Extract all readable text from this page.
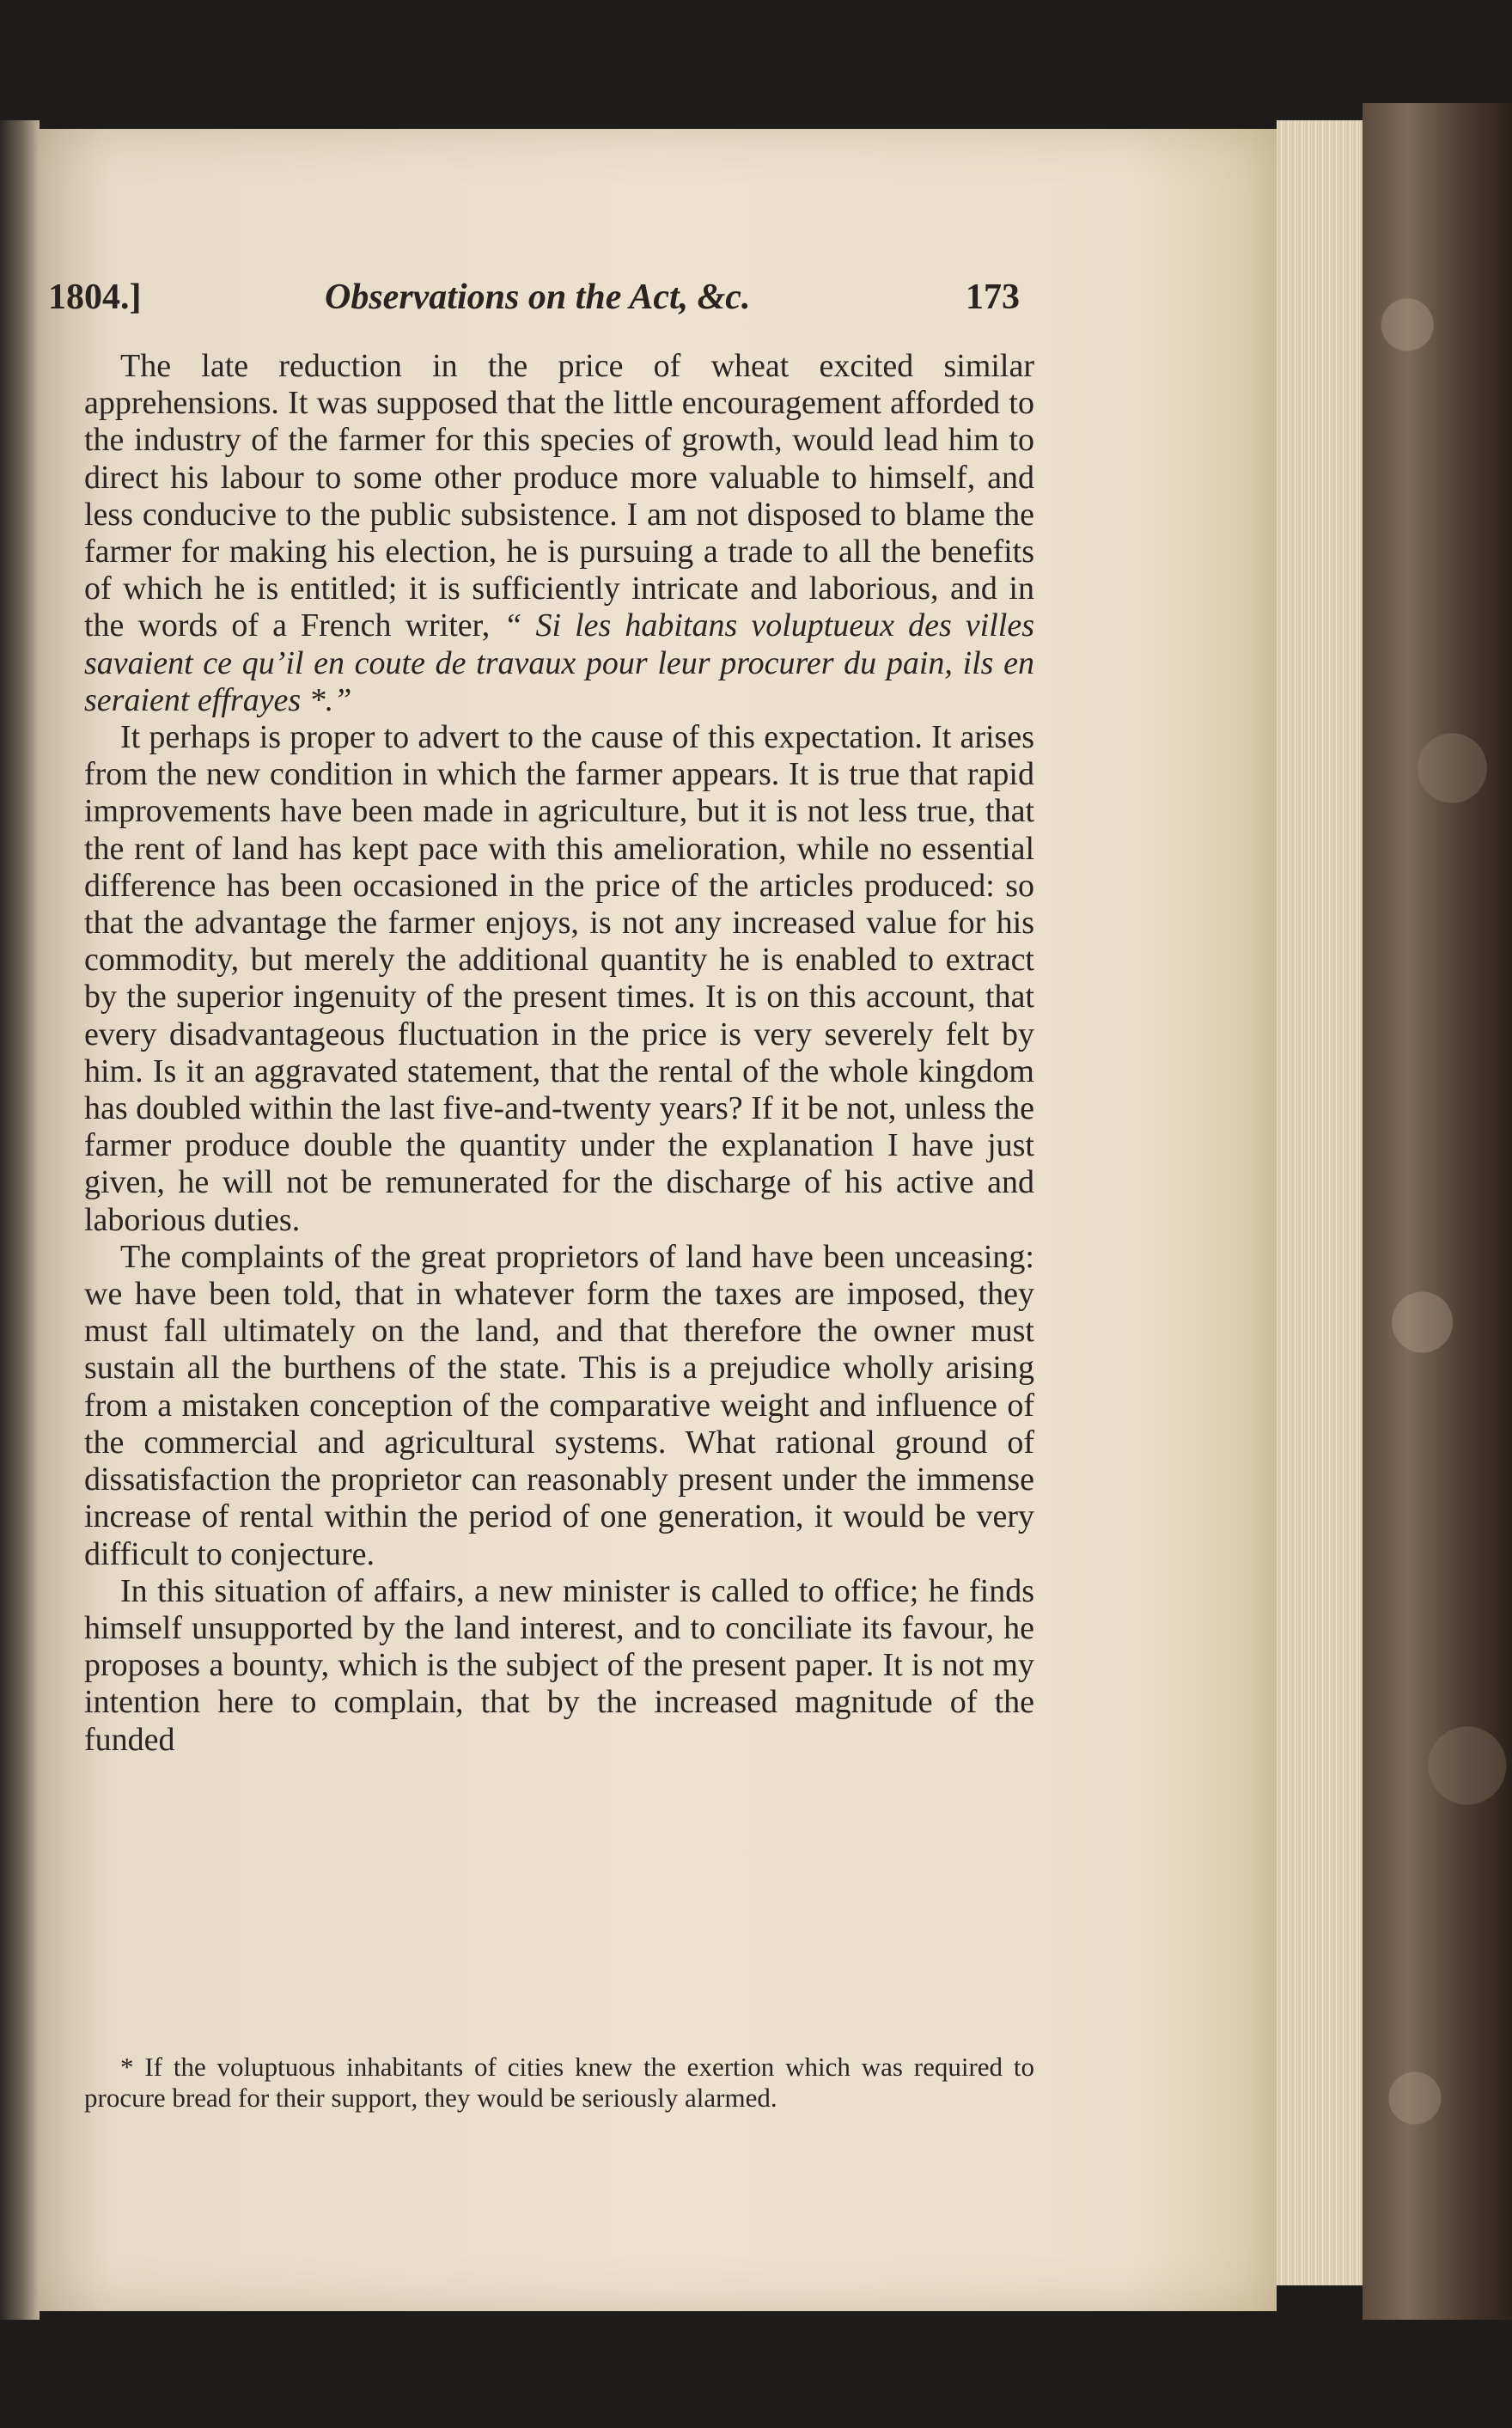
1804.]	Observations on the Act, &c.	173

The late reduction in the price of wheat excited similar apprehensions. It was supposed that the little encouragement afforded to the industry of the farmer for this species of growth, would lead him to direct his labour to some other produce more valuable to himself, and less conducive to the public subsistence. I am not disposed to blame the farmer for making his election, he is pursuing a trade to all the benefits of which he is entitled; it is sufficiently intricate and laborious, and in the words of a French writer, “ Si les habitans voluptueux des villes savaient ce qu’il en coute de travaux pour leur procurer du pain, ils en seraient effrayes *.”

It perhaps is proper to advert to the cause of this expectation. It arises from the new condition in which the farmer appears. It is true that rapid improvements have been made in agriculture, but it is not less true, that the rent of land has kept pace with this amelioration, while no essential difference has been occasioned in the price of the articles produced: so that the advantage the farmer enjoys, is not any increased value for his commodity, but merely the additional quantity he is enabled to extract by the superior ingenuity of the present times. It is on this account, that every disadvantageous fluctuation in the price is very severely felt by him. Is it an aggravated statement, that the rental of the whole kingdom has doubled within the last five-and-twenty years? If it be not, unless the farmer produce double the quantity under the explanation I have just given, he will not be remunerated for the discharge of his active and laborious duties.

The complaints of the great proprietors of land have been unceasing: we have been told, that in whatever form the taxes are imposed, they must fall ultimately on the land, and that therefore the owner must sustain all the burthens of the state. This is a prejudice wholly arising from a mistaken conception of the comparative weight and influence of the commercial and agricultural systems. What rational ground of dissatisfaction the proprietor can reasonably present under the immense increase of rental within the period of one generation, it would be very difficult to conjecture.

In this situation of affairs, a new minister is called to office; he finds himself unsupported by the land interest, and to conciliate its favour, he proposes a bounty, which is the subject of the present paper. It is not my intention here to complain, that by the increased magnitude of the funded

* If the voluptuous inhabitants of cities knew the exertion which was required to procure bread for their support, they would be seriously alarmed.
